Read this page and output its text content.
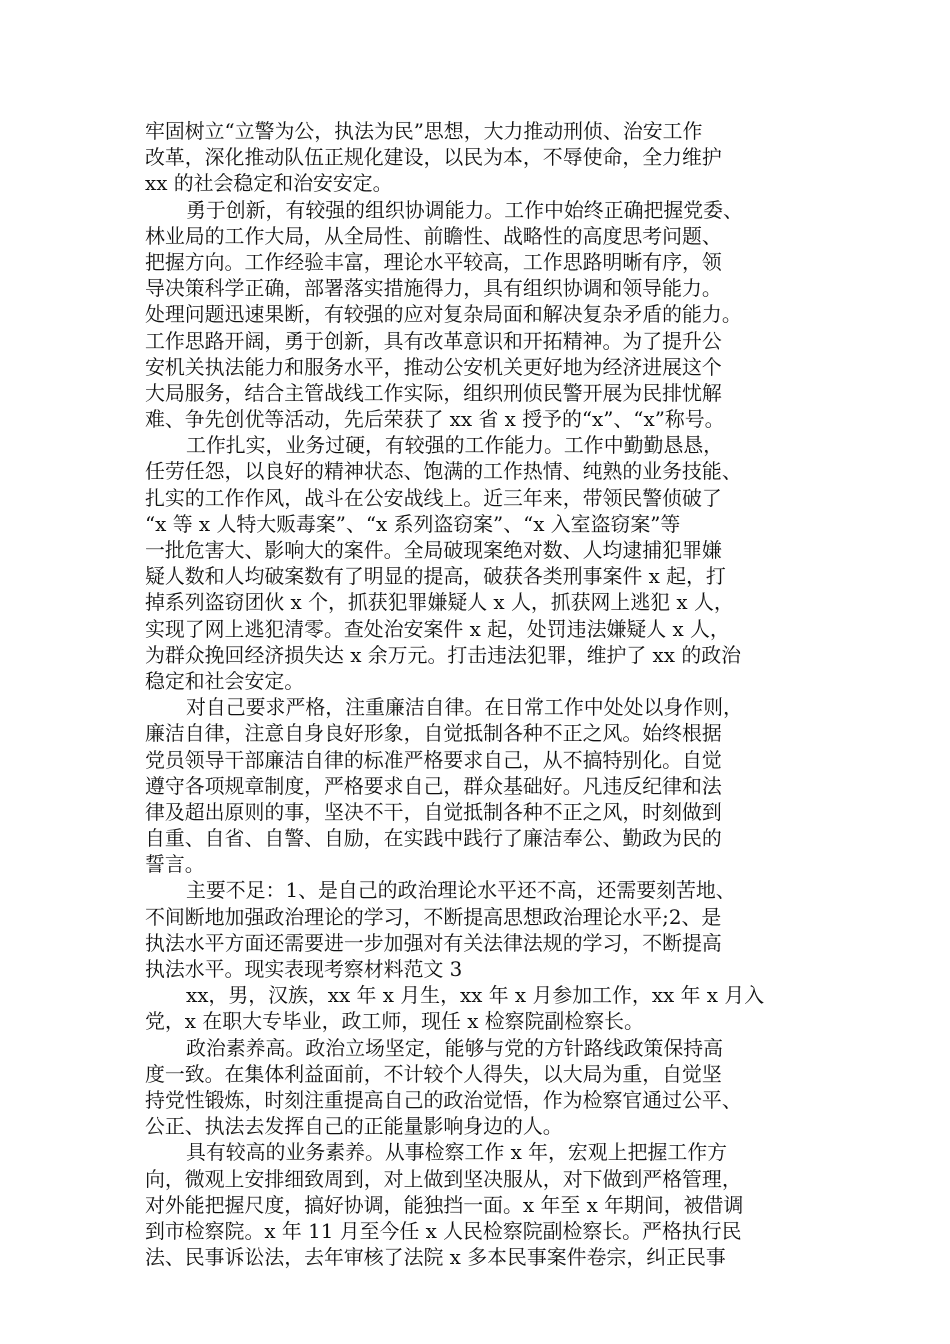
牢固树立“立警为公，执法为民”思想，大力推动刑侦、治安工作
改革，深化推动队伍正规化建设，以民为本，不辱使命，全力维护
xx 的社会稳定和治安安定。
勇于创新，有较强的组织协调能力。工作中始终正确把握党委、
林业局的工作大局，从全局性、前瞻性、战略性的高度思考问题、
把握方向。工作经验丰富，理论水平较高，工作思路明晰有序，领
导决策科学正确，部署落实措施得力，具有组织协调和领导能力。
处理问题迅速果断，有较强的应对复杂局面和解决复杂矛盾的能力。
工作思路开阔，勇于创新，具有改革意识和开拓精神。为了提升公
安机关执法能力和服务水平，推动公安机关更好地为经济进展这个
大局服务，结合主管战线工作实际，组织刑侦民警开展为民排忧解
难、争先创优等活动，先后荣获了 xx 省 x 授予的“x”、“x”称号。
工作扎实，业务过硬，有较强的工作能力。工作中勤勤恳恳，
任劳任怨，以良好的精神状态、饱满的工作热情、纯熟的业务技能、
扎实的工作作风，战斗在公安战线上。近三年来，带领民警侦破了
“x 等 x 人特大贩毒案”、“x 系列盗窃案”、“x 入室盗窃案”等
一批危害大、影响大的案件。全局破现案绝对数、人均逮捕犯罪嫌
疑人数和人均破案数有了明显的提高，破获各类刑事案件 x 起，打
掉系列盗窃团伙 x 个，抓获犯罪嫌疑人 x 人，抓获网上逃犯 x 人，
实现了网上逃犯清零。查处治安案件 x 起，处罚违法嫌疑人 x 人，
为群众挽回经济损失达 x 余万元。打击违法犯罪，维护了 xx 的政治
稳定和社会安定。
对自己要求严格，注重廉洁自律。在日常工作中处处以身作则，
廉洁自律，注意自身良好形象，自觉抵制各种不正之风。始终根据
党员领导干部廉洁自律的标准严格要求自己，从不搞特别化。自觉
遵守各项规章制度，严格要求自己，群众基础好。凡违反纪律和法
律及超出原则的事，坚决不干，自觉抵制各种不正之风，时刻做到
自重、自省、自警、自励，在实践中践行了廉洁奉公、勤政为民的
誓言。
主要不足：1、是自己的政治理论水平还不高，还需要刻苦地、
不间断地加强政治理论的学习，不断提高思想政治理论水平;2、是
执法水平方面还需要进一步加强对有关法律法规的学习，不断提高
执法水平。现实表现考察材料范文 3
xx，男，汉族，xx 年 x 月生，xx 年 x 月参加工作，xx 年 x 月入
党，x 在职大专毕业，政工师，现任 x 检察院副检察长。
政治素养高。政治立场坚定，能够与党的方针路线政策保持高
度一致。在集体利益面前，不计较个人得失，以大局为重，自觉坚
持党性锻炼，时刻注重提高自己的政治觉悟，作为检察官通过公平、
公正、执法去发挥自己的正能量影响身边的人。
具有较高的业务素养。从事检察工作 x 年，宏观上把握工作方
向，微观上安排细致周到，对上做到坚决服从，对下做到严格管理，
对外能把握尺度，搞好协调，能独挡一面。x 年至 x 年期间，被借调
到市检察院。x 年 11 月至今任 x 人民检察院副检察长。严格执行民
法、民事诉讼法，去年审核了法院 x 多本民事案件卷宗，纠正民事
